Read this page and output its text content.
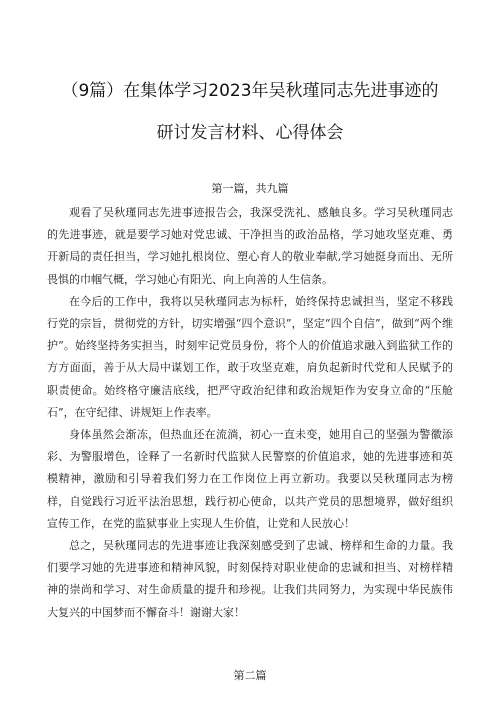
（9篇）在集体学习2023年吴秋瑾同志先进事迹的
研讨发言材料、心得体会

第一篇，共九篇

观看了吴秋瑾同志先进事迹报告会，我深受洗礼、感触良多。学习吴秋瑾同志的先进事迹，就是要学习她对党忠诚、干净担当的政治品格，学习她攻坚克难、勇开新局的责任担当，学习她扎根岗位、塑心育人的敬业奉献,学习她挺身而出、无所畏惧的巾帼气概，学习她心有阳光、向上向善的人生信条。

在今后的工作中，我将以吴秋瑾同志为标杆，始终保持忠诚担当，坚定不移践行党的宗旨，贯彻党的方针，切实增强“四个意识”，坚定“四个自信”，做到“两个维护”。始终坚持务实担当，时刻牢记党员身份，将个人的价值追求融入到监狱工作的方方面面，善于从大局中谋划工作，敢于攻坚克难，肩负起新时代党和人民赋予的职责使命。始终格守廉洁底线，把严守政治纪律和政治规矩作为安身立命的“压舱石”，在守纪律、讲规矩上作表率。

身体虽然会渐冻，但热血还在流淌，初心一直未变，她用自己的坚强为警徽添彩、为警服增色，诠释了一名新时代监狱人民警察的价值追求，她的先进事迹和英模精神，激励和引导着我们努力在工作岗位上再立新功。我要以吴秋瑾同志为榜样，自觉践行习近平法治思想，践行初心使命，以共产党员的思想境界，做好组织宣传工作，在党的监狱事业上实现人生价值，让党和人民放心！

总之，吴秋瑾同志的先进事迹让我深刻感受到了忠诚、榜样和生命的力量。我们要学习她的先进事迹和精神风貌，时刻保持对职业使命的忠诚和担当、对榜样精神的崇尚和学习、对生命质量的提升和珍视。让我们共同努力，为实现中华民族伟大复兴的中国梦而不懈奋斗！谢谢大家！

第二篇
